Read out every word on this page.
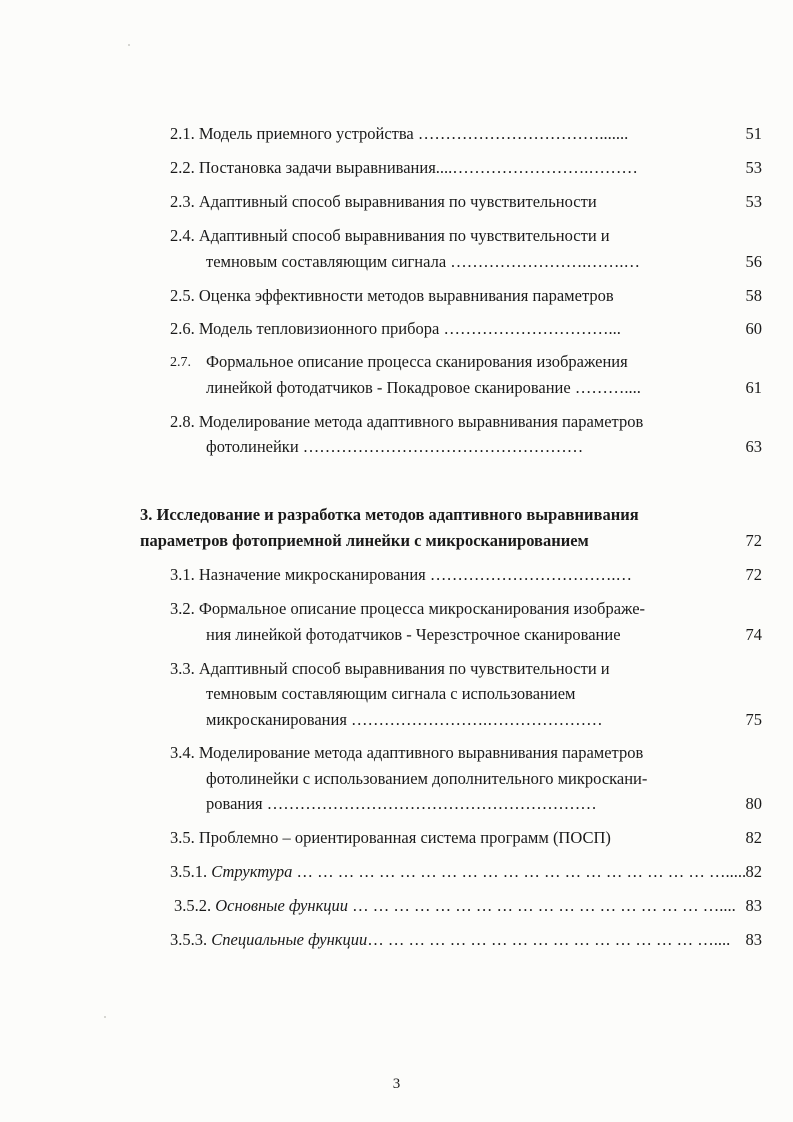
2.1. Модель приемного устройства …………………………….......	51
2.2. Постановка задачи выравнивания....…………………….………	53
2.3. Адаптивный способ выравнивания по чувствительности	53
2.4. Адаптивный способ выравнивания по чувствительности и
темновым составляющим сигнала …………………….…….…	56
2.5. Оценка эффективности методов выравнивания параметров	58
2.6. Модель тепловизионного прибора …………………………...	60
2.7. Формальное описание процесса сканирования изображения
линейкой фотодатчиков - Покадровое сканирование ………....	61
2.8. Моделирование метода адаптивного выравнивания параметров
фотолинейки ……………………………………………	63
3. Исследование и разработка методов адаптивного выравнивания
параметров фотоприемной линейки с микросканированием	72
3.1. Назначение микросканирования …………………………….…	72
3.2. Формальное описание процесса микросканирования изображе-
ния линейкой фотодатчиков - Черезстрочное сканирование	74
3.3. Адаптивный способ выравнивания по чувствительности и
темновым составляющим сигнала с использованием
микросканирования …………………….…………………	75
3.4. Моделирование метода адаптивного выравнивания параметров
фотолинейки с использованием дополнительного микроскани-
рования ……………………………………………………	80
3.5. Проблемно – ориентированная система программ (ПОСП)	82
3.5.1. Структура … … … … … … … … … … … … … … … … … … … … …..... 82
3.5.2. Основные функции … … … … … … … … … … … … … … … … … ….... 83
3.5.3. Специальные функции… … … … … … … … … … … … … … … … ….... 83
3
